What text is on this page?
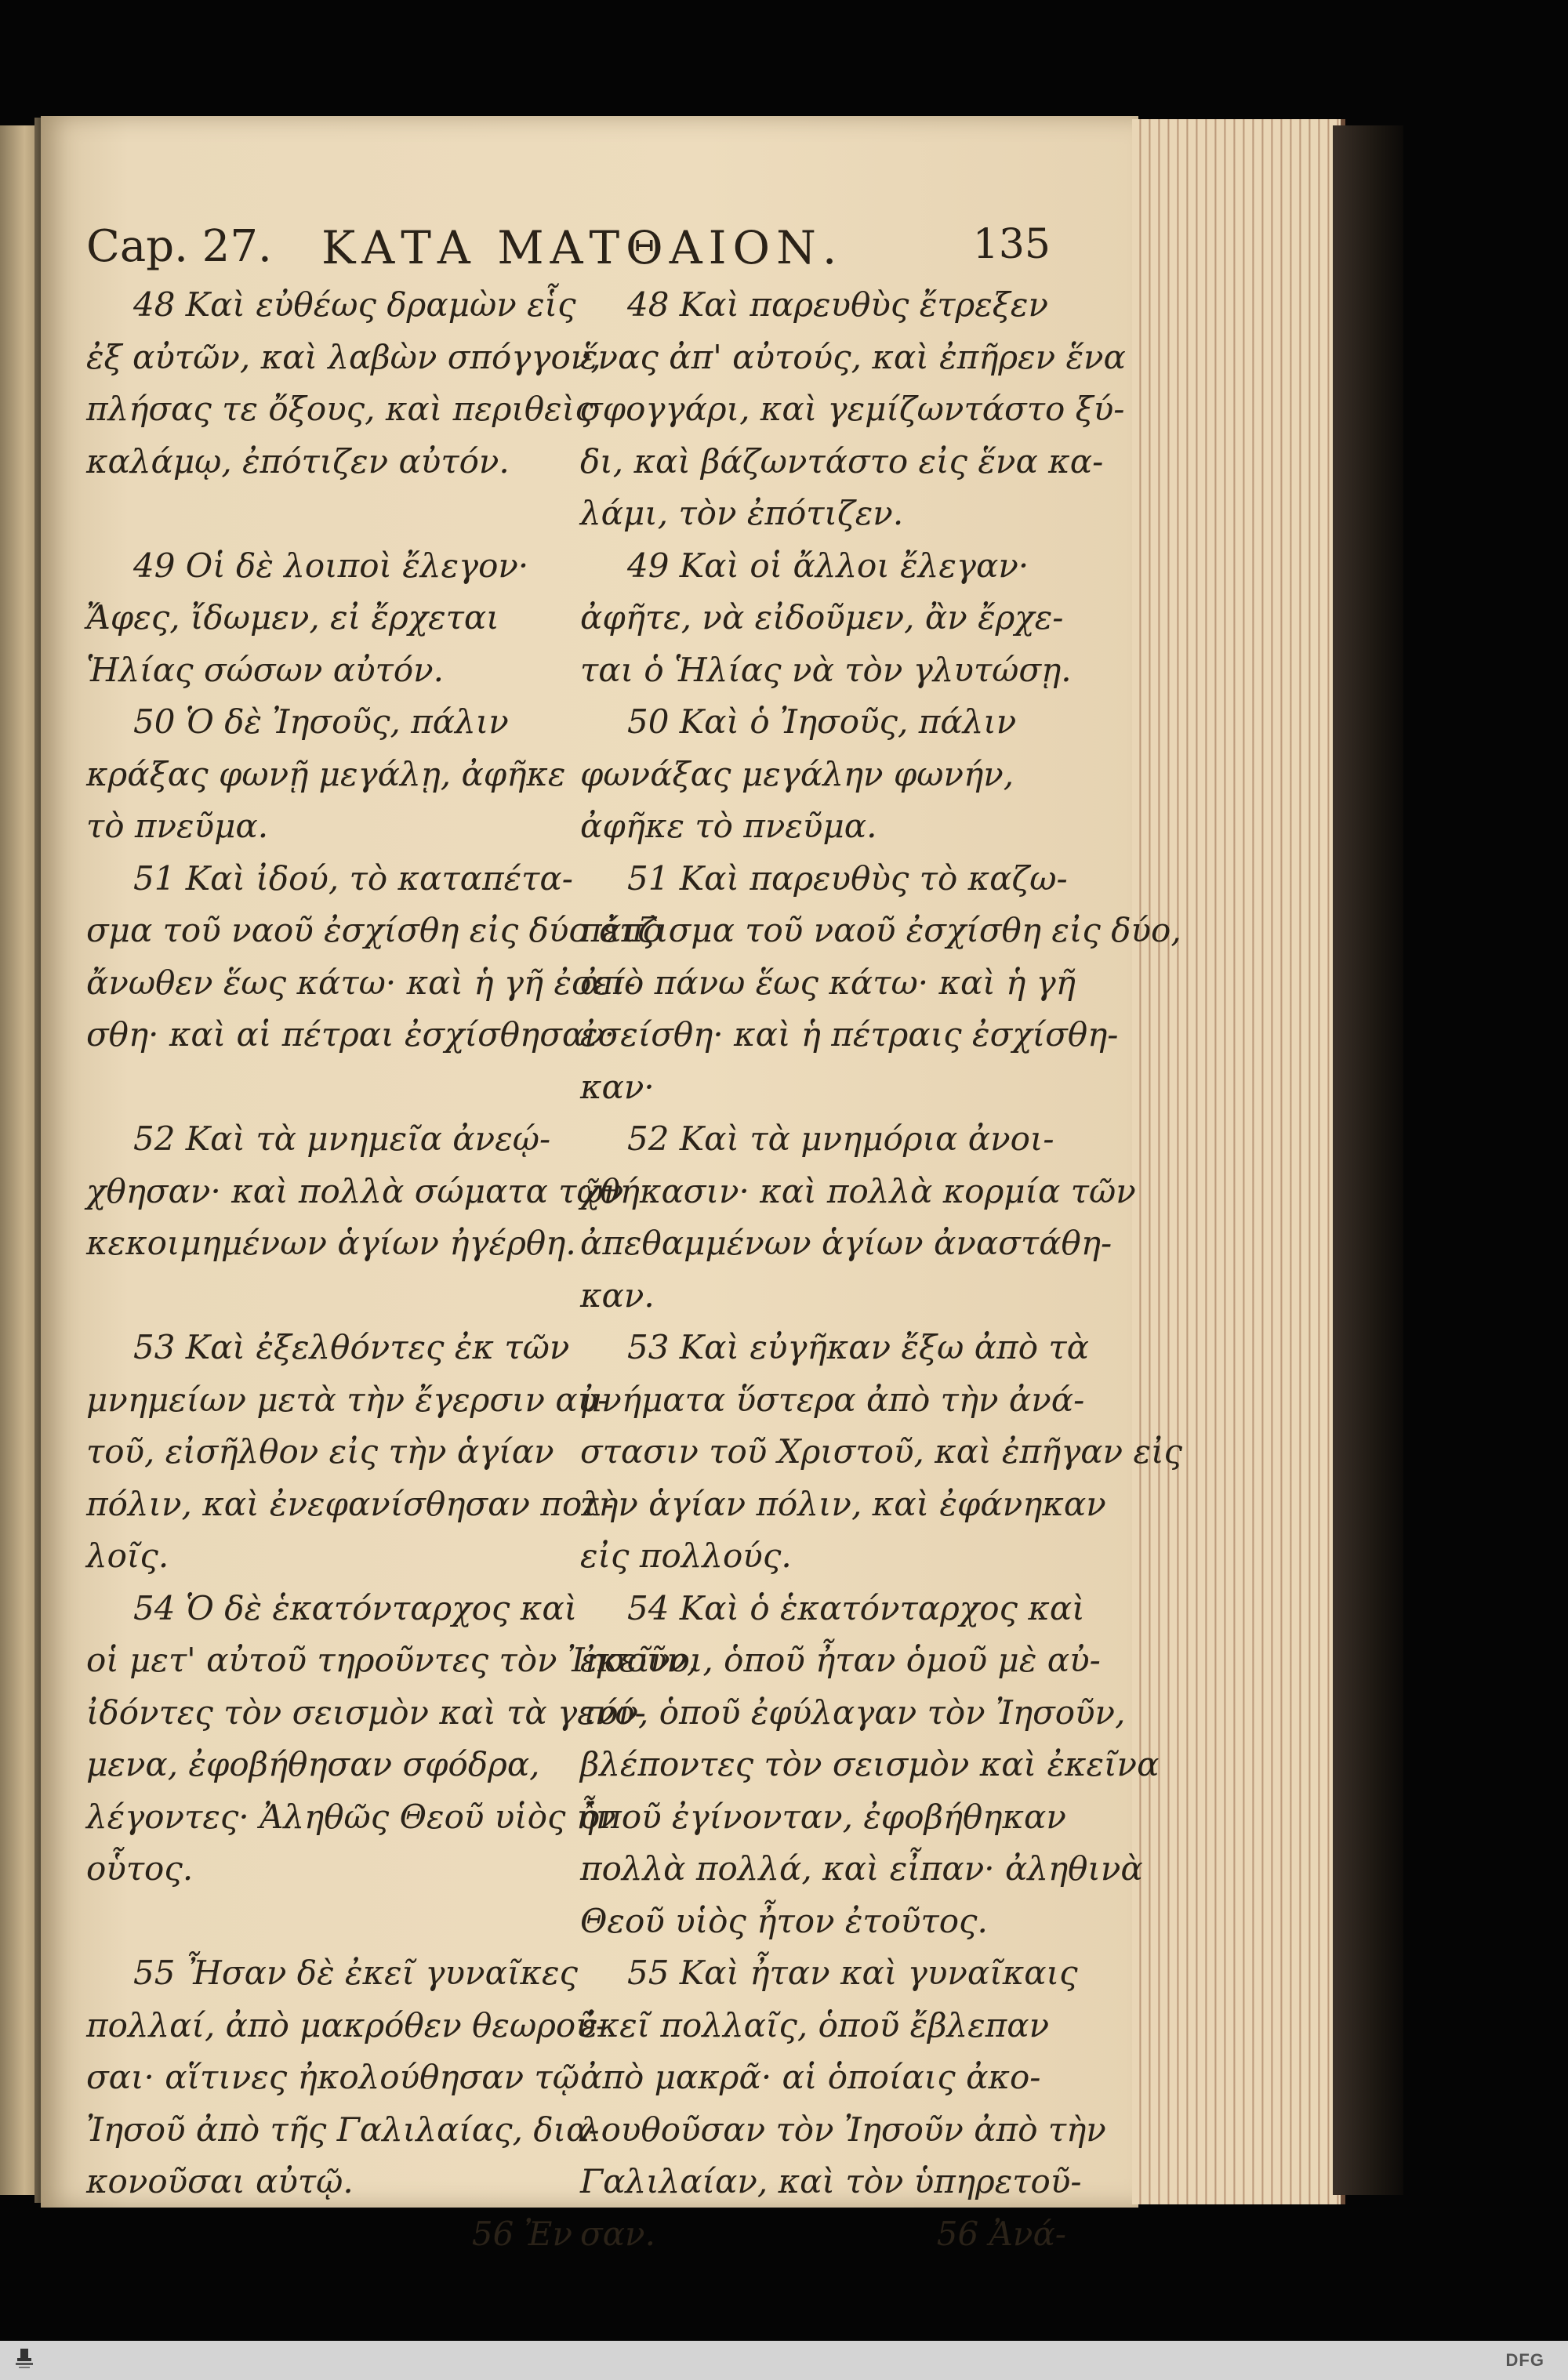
Cap. 27. ΚΑΤΑ ΜΑΤΘΑΙΟΝ.	135
48 Καὶ εὐθέως δραμὼν εἷς
ἐξ αὐτῶν, καὶ λαβὼν σπόγγον,
πλήσας τε ὄξους, καὶ περιθεὶς
καλάμῳ, ἐπότιζεν αὐτόν.
49 Οἱ δὲ λοιποὶ ἔλεγον·
Ἄφες, ἴδωμεν, εἰ ἔρχεται
Ἡλίας σώσων αὐτόν.
50 Ὁ δὲ Ἰησοῦς, πάλιν
κράξας φωνῇ μεγάλῃ, ἀφῆκε
τὸ πνεῦμα.
51 Καὶ ἰδού, τὸ καταπέτα-
σμα τοῦ ναοῦ ἐσχίσθη εἰς δύο ἀπὸ
ἄνωθεν ἕως κάτω· καὶ ἡ γῆ ἐσεί-
σθη· καὶ αἱ πέτραι ἐσχίσθησαν·
52 Καὶ τὰ μνημεῖα ἀνεῴ-
χθησαν· καὶ πολλὰ σώματα τῶν
κεκοιμημένων ἁγίων ἠγέρθη.
53 Καὶ ἐξελθόντες ἐκ τῶν
μνημείων μετὰ τὴν ἔγερσιν αὐ-
τοῦ, εἰσῆλθον εἰς τὴν ἁγίαν
πόλιν, καὶ ἐνεφανίσθησαν πολ-
λοῖς.
54 Ὁ δὲ ἑκατόνταρχος καὶ
οἱ μετ' αὐτοῦ τηροῦντες τὸν Ἰησοῦν,
ἰδόντες τὸν σεισμὸν καὶ τὰ γενό-
μενα, ἐφοβήθησαν σφόδρα,
λέγοντες· Ἀληθῶς Θεοῦ υἱὸς ἦν
οὗτος.
55 Ἦσαν δὲ ἐκεῖ γυναῖκες
πολλαί, ἀπὸ μακρόθεν θεωροῦ-
σαι· αἵτινες ἠκολούθησαν τῷ
Ἰησοῦ ἀπὸ τῆς Γαλιλαίας, δια-
κονοῦσαι αὐτῷ.
56 Ἐν
48 Καὶ παρευθὺς ἔτρεξεν
ἕνας ἀπ' αὐτούς, καὶ ἐπῆρεν ἕνα
σφογγάρι, καὶ γεμίζωντάστο ξύ-
δι, καὶ βάζωντάστο εἰς ἕνα κα-
λάμι, τὸν ἐπότιζεν.
49 Καὶ οἱ ἄλλοι ἔλεγαν·
ἀφῆτε, νὰ εἰδοῦμεν, ἂν ἔρχε-
ται ὁ Ἡλίας νὰ τὸν γλυτώσῃ.
50 Καὶ ὁ Ἰησοῦς, πάλιν
φωνάξας μεγάλην φωνήν,
ἀφῆκε τὸ πνεῦμα.
51 Καὶ παρευθὺς τὸ καζω-
πέτζισμα τοῦ ναοῦ ἐσχίσθη εἰς δύο,
ἀπὸ πάνω ἕως κάτω· καὶ ἡ γῆ
ἐσείσθη· καὶ ἡ πέτραις ἐσχίσθη-
καν·
52 Καὶ τὰ μνημόρια ἀνοι-
χθήκασιν· καὶ πολλὰ κορμία τῶν
ἀπεθαμμένων ἁγίων ἀναστάθη-
καν.
53 Καὶ εὐγῆκαν ἔξω ἀπὸ τὰ
μνήματα ὕστερα ἀπὸ τὴν ἀνά-
στασιν τοῦ Χριστοῦ, καὶ ἐπῆγαν εἰς
τὴν ἁγίαν πόλιν, καὶ ἐφάνηκαν
εἰς πολλούς.
54 Καὶ ὁ ἑκατόνταρχος καὶ
ἐκεῖνοι, ὁποῦ ἦταν ὁμοῦ μὲ αὐ-
τόν, ὁποῦ ἐφύλαγαν τὸν Ἰησοῦν,
βλέποντες τὸν σεισμὸν καὶ ἐκεῖνα
ὁποῦ ἐγίνονταν, ἐφοβήθηκαν
πολλὰ πολλά, καὶ εἶπαν· ἀληθινὰ
Θεοῦ υἱὸς ἦτον ἐτοῦτος.
55 Καὶ ἦταν καὶ γυναῖκαις
ἐκεῖ πολλαῖς, ὁποῦ ἔβλεπαν
ἀπὸ μακρᾶ· αἱ ὁποίαις ἀκο-
λουθοῦσαν τὸν Ἰησοῦν ἀπὸ τὴν
Γαλιλαίαν, καὶ τὸν ὑπηρετοῦ-
σαν.	56 Ἀνά-
DFG
